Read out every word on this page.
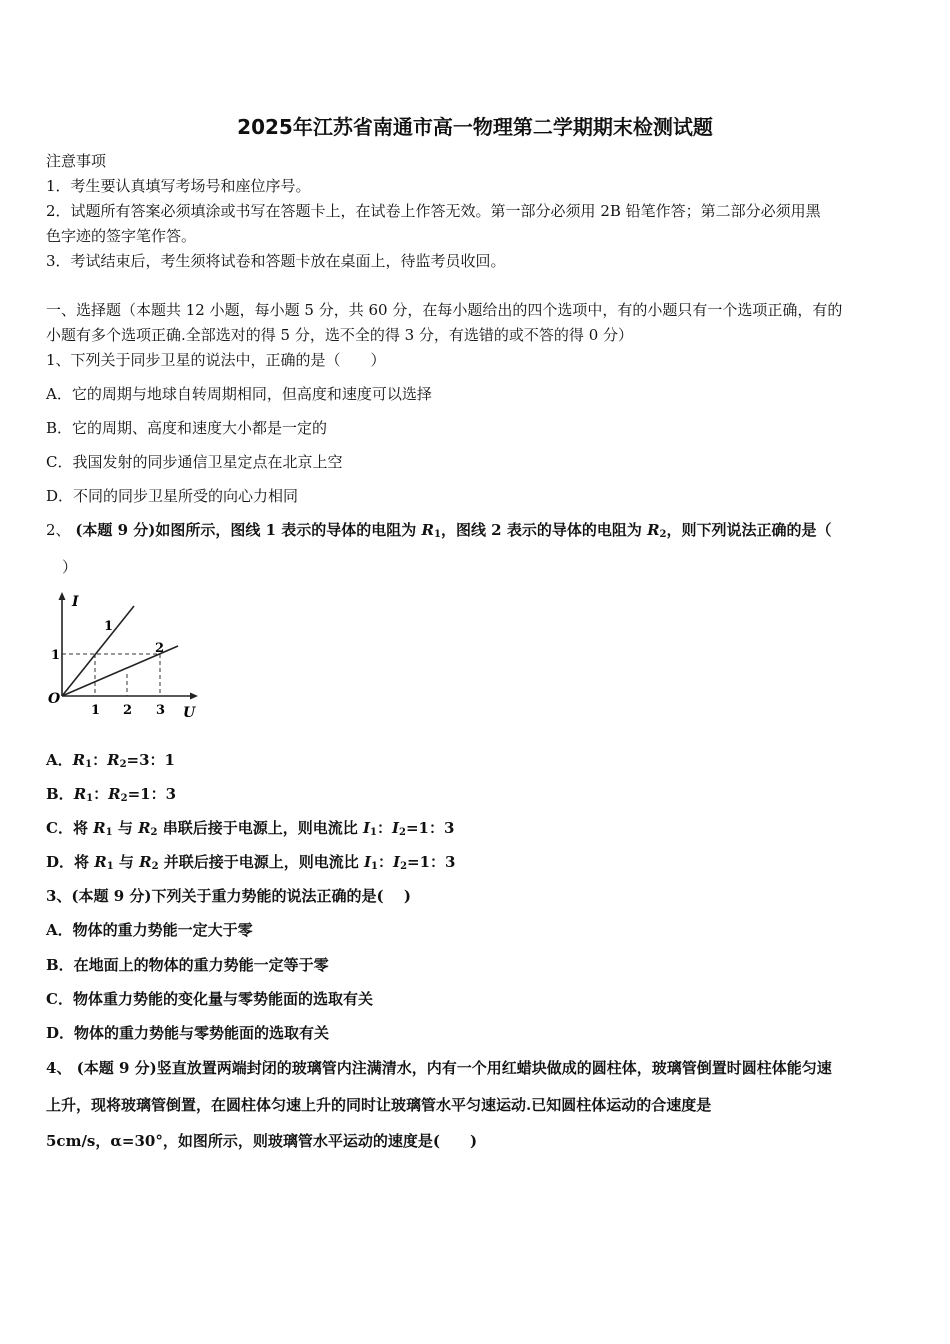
2025年江苏省南通市高一物理第二学期期末检测试题
注意事项
1．考生要认真填写考场号和座位序号。
2．试题所有答案必须填涂或书写在答题卡上，在试卷上作答无效。第一部分必须用 2B 铅笔作答；第二部分必须用黑
色字迹的签字笔作答。
3．考试结束后，考生须将试卷和答题卡放在桌面上，待监考员收回。
一、选择题（本题共 12 小题，每小题 5 分，共 60 分，在每小题给出的四个选项中，有的小题只有一个选项正确，有的
小题有多个选项正确.全部选对的得 5 分，选不全的得 3 分，有选错的或不答的得 0 分）
1、下列关于同步卫星的说法中，正确的是（　　）
A．它的周期与地球自转周期相同，但高度和速度可以选择
B．它的周期、高度和速度大小都是一定的
C．我国发射的同步通信卫星定点在北京上空
D．不同的同步卫星所受的向心力相同
2、 (本题 9 分)如图所示，图线 1 表示的导体的电阻为 $R_1$，图线 2 表示的导体的电阻为 $R_2$，则下列说法正确的是（
）
I
U
O
1 2 3
1
1
2
A．$R_1$：$R_2=3$：1
B．$R_1$：$R_2=1$：3
C．将 $R_1$ 与 $R_2$ 串联后接于电源上，则电流比 $I_1$：$I_2=1$：3
D．将 $R_1$ 与 $R_2$ 并联后接于电源上，则电流比 $I_1$：$I_2=1$：3
3、(本题 9 分)下列关于重力势能的说法正确的是(　 )
A．物体的重力势能一定大于零
B．在地面上的物体的重力势能一定等于零
C．物体重力势能的变化量与零势能面的选取有关
D．物体的重力势能与零势能面的选取有关
4、 (本题 9 分)竖直放置两端封闭的玻璃管内注满清水，内有一个用红蜡块做成的圆柱体，玻璃管倒置时圆柱体能匀速
上升，现将玻璃管倒置，在圆柱体匀速上升的同时让玻璃管水平匀速运动.已知圆柱体运动的合速度是
5cm/s，α=30°，如图所示，则玻璃管水平运动的速度是(　　)
